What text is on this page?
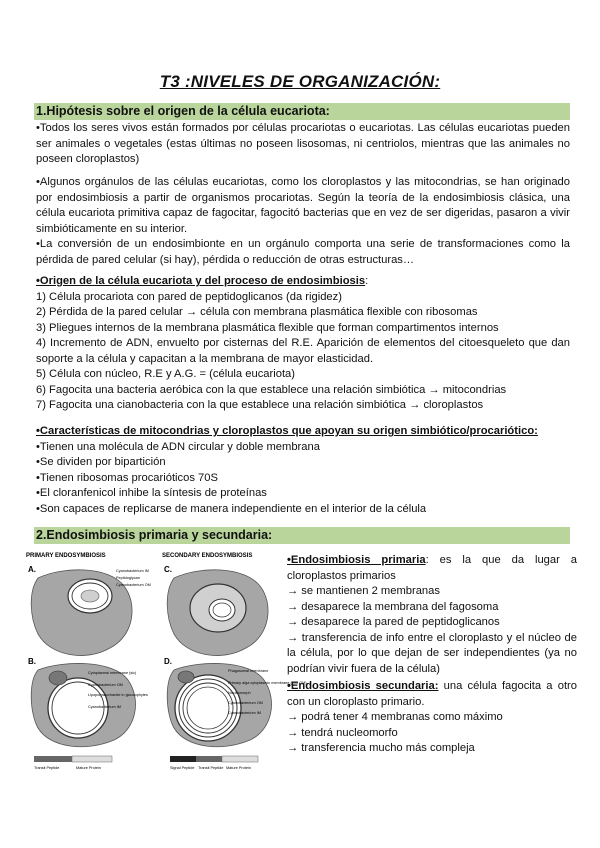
T3 :NIVELES DE ORGANIZACIÓN:
1.Hipótesis sobre el origen de la célula eucariota:

•Todos los seres vivos están formados por células procariotas o eucariotas. Las células eucariotas pueden ser animales o vegetales (estas últimas no poseen lisosomas, ni centriolos, mientras que las animales no poseen cloroplastos)

•Algunos orgánulos de las células eucariotas, como los cloroplastos y las mitocondrias, se han originado por endosimbiosis a partir de organismos procariotas. Según la teoría de la endosimbiosis clásica, una célula eucariota primitiva capaz de fagocitar, fagocitó bacterias que en vez de ser digeridas, pasaron a vivir simbióticamente en su interior.

•La conversión de un endosimbionte en un orgánulo comporta una serie de transformaciones como la pérdida de pared celular (si hay), pérdida o reducción de otras estructuras…

•Origen de la célula eucariota y del proceso de endosimbiosis:
1) Célula procariota con pared de peptidoglicanos (da rigidez)
2) Pérdida de la pared celular → célula con membrana plasmática flexible con ribosomas
3) Pliegues internos de la membrana plasmática flexible que forman compartimentos internos
4) Incremento de ADN, envuelto por cisternas del R.E. Aparición de elementos del citoesqueleto que dan soporte a la célula y capacitan a la membrana de mayor elasticidad.
5) Célula con núcleo, R.E y A.G. = (célula eucariota)
6) Fagocita una bacteria aeróbica con la que establece una relación simbiótica → mitocondrias
7) Fagocita una cianobacteria con la que establece una relación simbiótica → cloroplastos
•Características de mitocondrias y cloroplastos que apoyan su origen simbiótico/procariótico:
•Tienen una molécula de ADN circular y doble membrana
•Se dividen por bipartición
•Tienen ribosomas procarióticos 70S
•El cloranfenicol inhibe la síntesis de proteínas
•Son capaces de replicarse de manera independiente en el interior de la célula
2.Endosimbiosis primaria y secundaria:
PRIMARY ENDOSYMBIOSIS	SECONDARY ENDOSYMBIOSIS
A.	Cyanobacterium IM
Peptidoglycan
Cyanobacterium OM
B.
Cytoplasmal membrane (sic)
Cyanobacterium OM
Lipopolysaccharide in glaucophytes
Cyanobacterium IM
Transit Peptide	Mature Protein
C.
D.
Phagosomal membrane
Primary alga cytoplasmic membrane (2nd OM)
Nucleomorph
Cyanobacterium OM
Cyanobacterium IM
Signal Peptide Transit Peptide Mature Protein

•Endosimbiosis primaria: es la que da lugar a cloroplastos primarios

→ se mantienen 2 membranas

→ desaparece la membrana del fagosoma

→ desaparece la pared de peptidoglicanos

→ transferencia de info entre el cloroplasto y el núcleo de la célula, por lo que dejan de ser independientes (ya no podrían vivir fuera de la célula)

•Endosimbiosis secundaria: una célula fagocita a otro con un cloroplasto primario.

→ podrá tener 4 membranas como máximo

→ tendrá nucleomorfo

→ transferencia mucho más compleja
